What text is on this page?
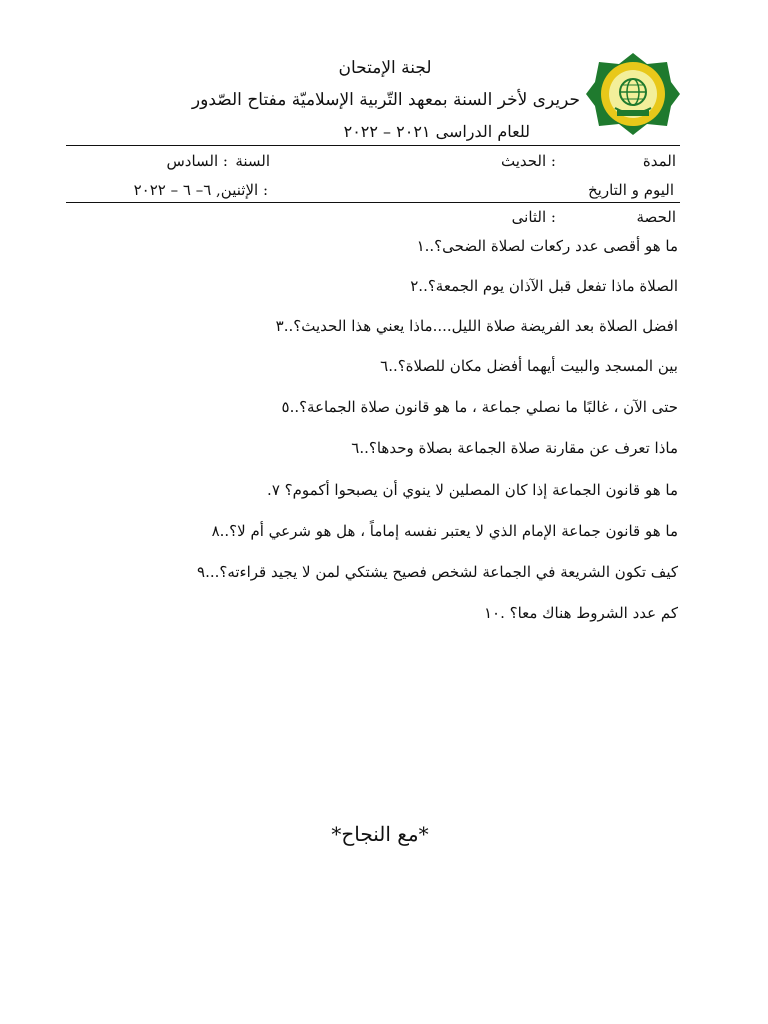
لجنة الإمتحان
حريرى لأخر السنة بمعهد التّربية الإسلاميّة مفتاح الصّدور
للعام الدراسى ٢٠٢١ – ٢٠٢٢
المدة
: الحديث
السنة
: السادس
اليوم و التاريخ
: الإثنين, ٦– ٦ – ٢٠٢٢
الحصة
: الثانى
ما هو أقصى عدد ركعات لصلاة الضحى؟..١
الصلاة ماذا تفعل قبل الآذان يوم الجمعة؟..٢
افضل الصلاة بعد الفريضة صلاة الليل....ماذا يعني هذا الحديث؟..٣
بين المسجد والبيت أيهما أفضل مكان للصلاة؟..٦
حتى الآن ، غالبًا ما نصلي جماعة ، ما هو قانون صلاة الجماعة؟..٥
ماذا تعرف عن مقارنة صلاة الجماعة بصلاة وحدها؟..٦
ما هو قانون الجماعة إذا كان المصلين لا ينوي أن يصبحوا أكموم؟ ٧.
ما هو قانون جماعة الإمام الذي لا يعتبر نفسه إماماً ، هل هو شرعي أم لا؟..٨
كيف تكون الشريعة في الجماعة لشخص فصيح يشتكي لمن لا يجيد قراءته؟...٩
كم عدد الشروط هناك معا؟ .١٠
*مع النجاح*
